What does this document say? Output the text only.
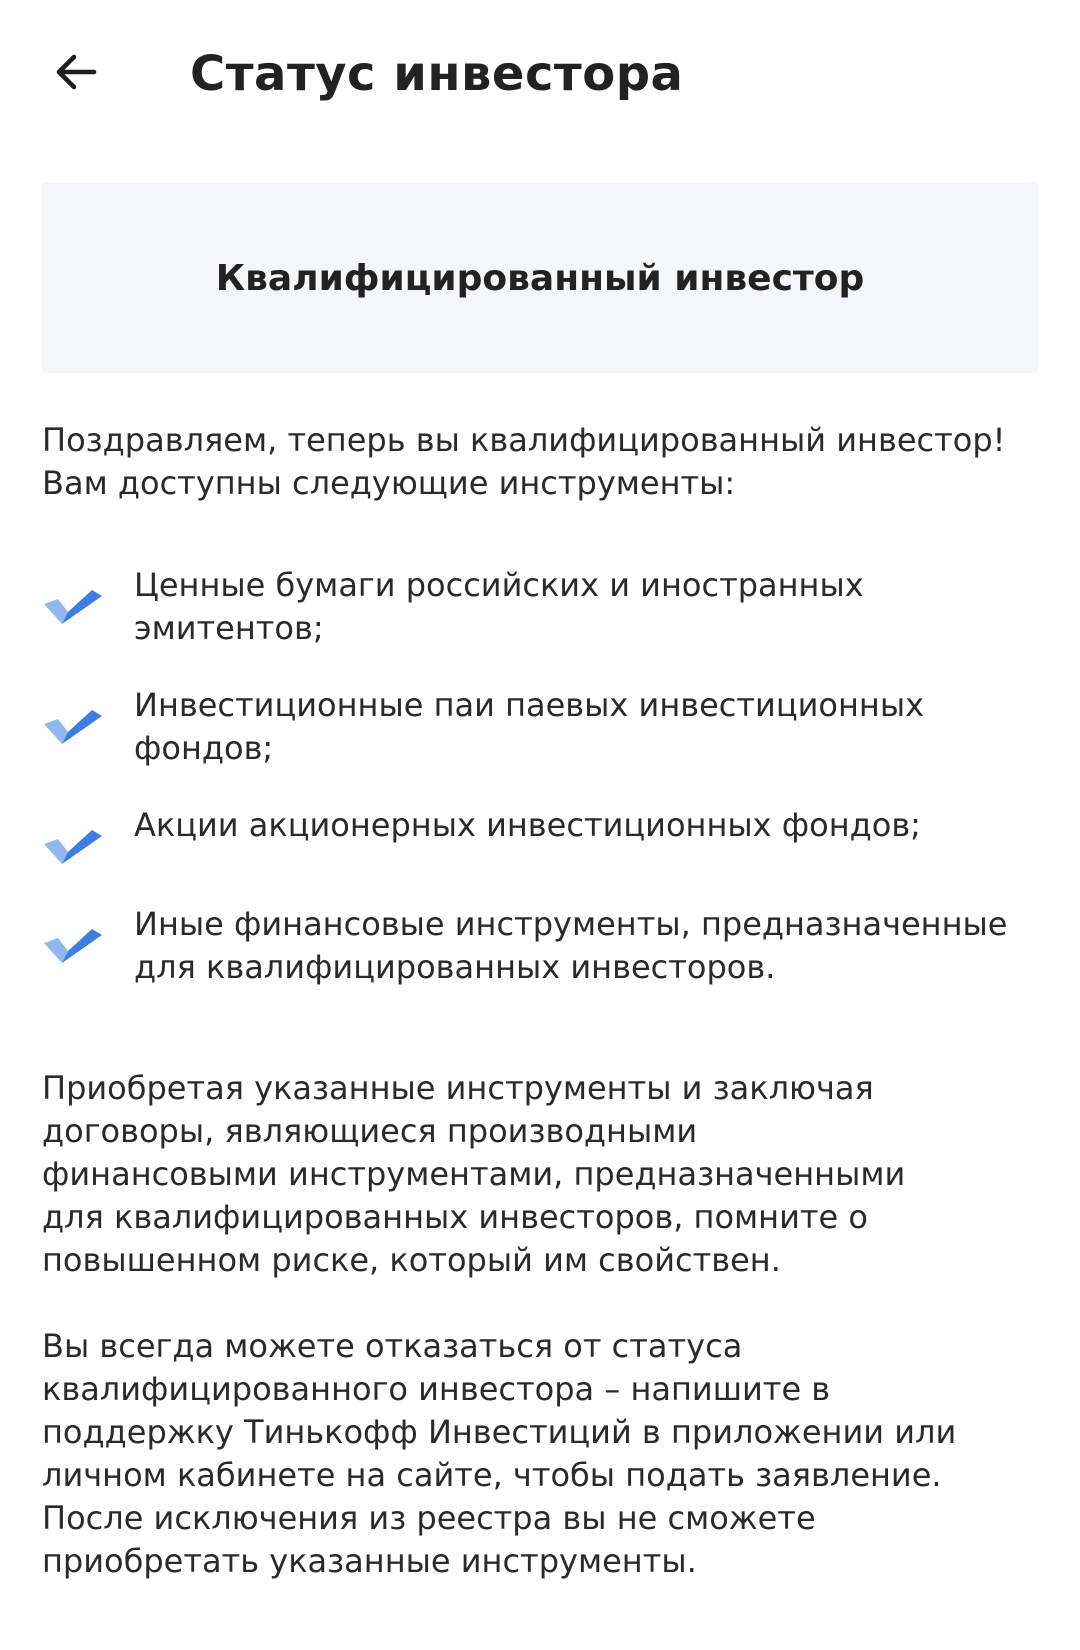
Статус инвестора
Квалифицированный инвестор
Поздравляем, теперь вы квалифицированный инвестор!
Вам доступны следующие инструменты:
Ценные бумаги российских и иностранных
эмитентов;
Инвестиционные паи паевых инвестиционных
фондов;
Акции акционерных инвестиционных фондов;
Иные финансовые инструменты, предназначенные
для квалифицированных инвесторов.
Приобретая указанные инструменты и заключая
договоры, являющиеся производными
финансовыми инструментами, предназначенными
для квалифицированных инвесторов, помните о
повышенном риске, который им свойствен.
Вы всегда можете отказаться от статуса
квалифицированного инвестора – напишите в
поддержку Тинькофф Инвестиций в приложении или
личном кабинете на сайте, чтобы подать заявление.
После исключения из реестра вы не сможете
приобретать указанные инструменты.
